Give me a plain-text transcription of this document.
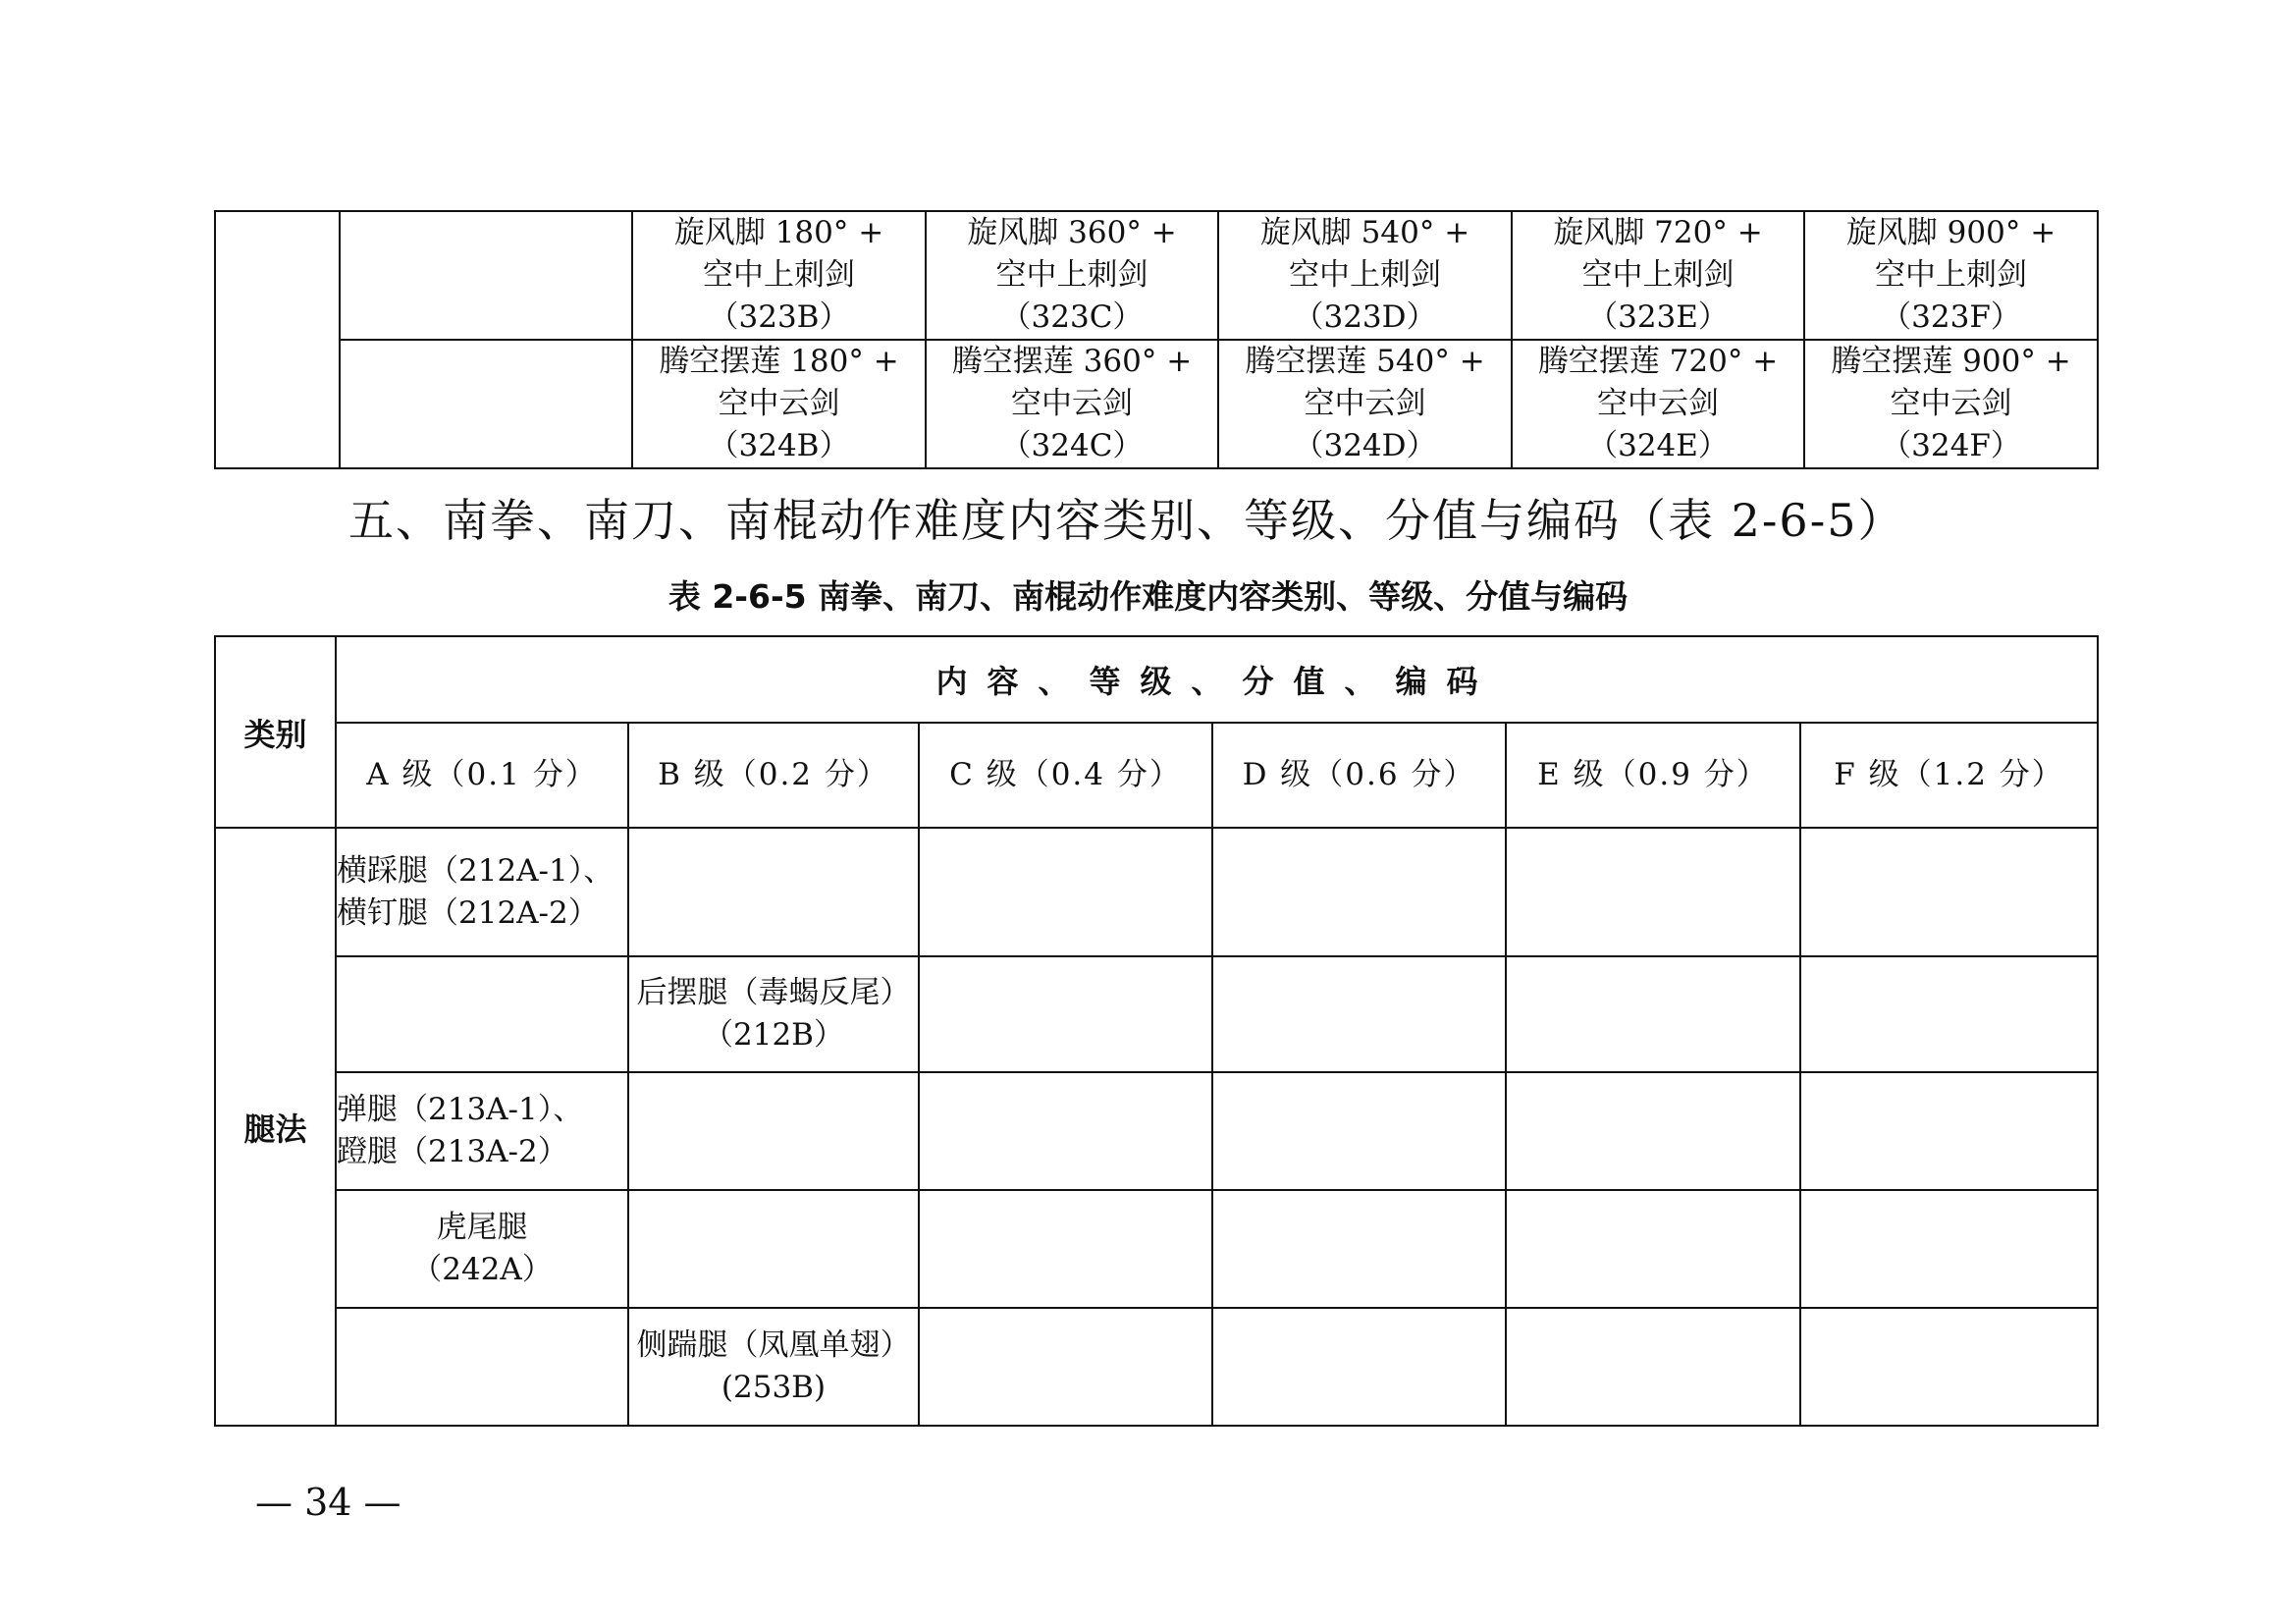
		旋风脚 180° +
空中上刺剑
（323B）	旋风脚 360° +
空中上刺剑
（323C）	旋风脚 540° +
空中上刺剑
（323D）	旋风脚 720° +
空中上刺剑
（323E）	旋风脚 900° +
空中上刺剑
（323F）

		腾空摆莲 180° +
空中云剑
（324B）	腾空摆莲 360° +
空中云剑
（324C）	腾空摆莲 540° +
空中云剑
（324D）	腾空摆莲 720° +
空中云剑
（324E）	腾空摆莲 900° +
空中云剑
（324F）
五、南拳、南刀、南棍动作难度内容类别、等级、分值与编码（表 2-6-5）
表 2-6-5 南拳、南刀、南棍动作难度内容类别、等级、分值与编码
类别	内容、等级、分值、编码					
	A 级（0.1 分）	B 级（0.2 分）	C 级（0.4 分）	D 级（0.6 分）	E 级（0.9 分）	F 级（1.2 分）
腿法	横踩腿（212A-1）、
横钉腿（212A-2）					

		后摆腿（毒蝎反尾）
（212B）				

	弹腿（213A-1）、
蹬腿（213A-2）					

	虎尾腿
（242A）					

		侧踹腿（凤凰单翅）
(253B)				

— 34 —
